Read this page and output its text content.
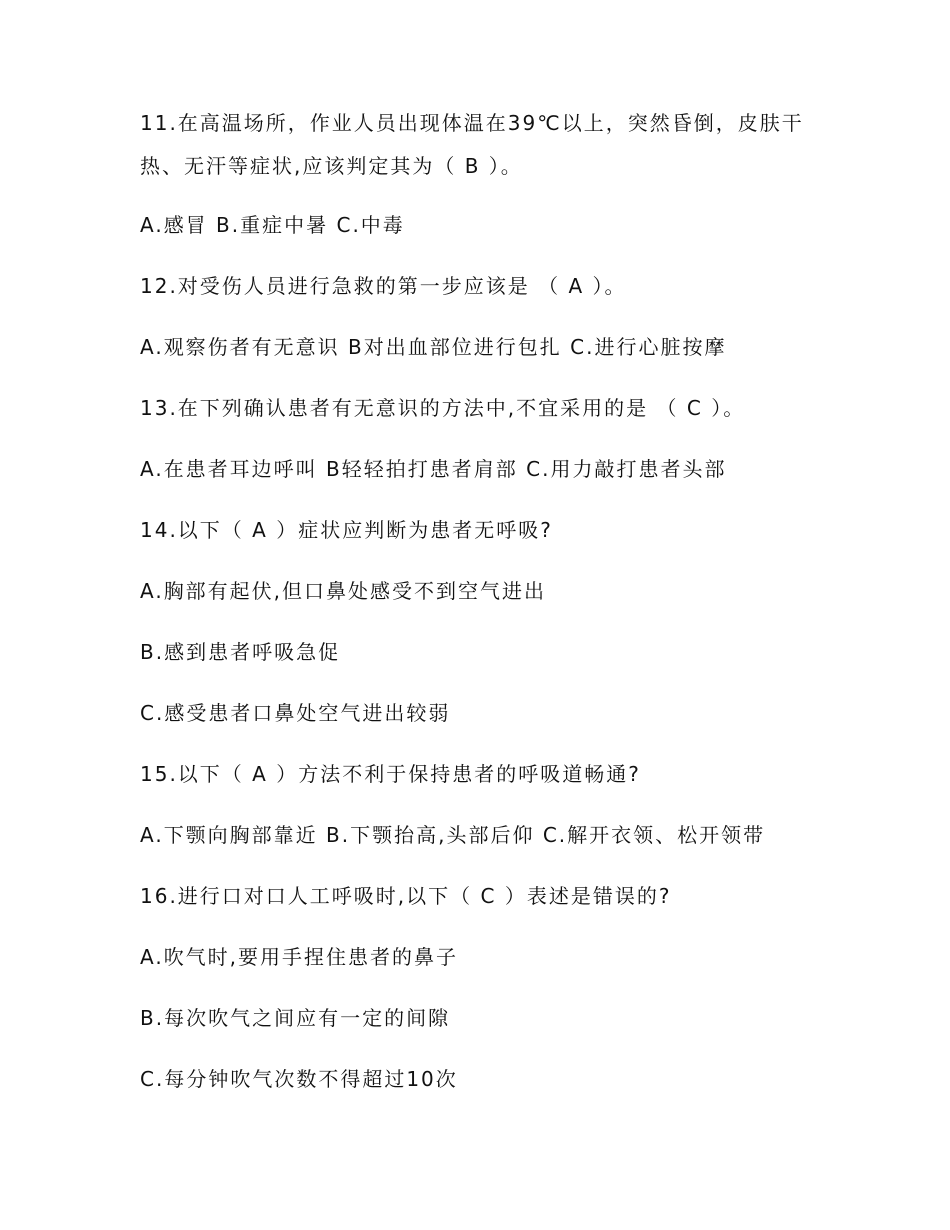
11.在高温场所，作业人员出现体温在39℃以上，突然昏倒，皮肤干
热、无汗等症状,应该判定其为（ B ）。
A.感冒 B.重症中暑 C.中毒
12.对受伤人员进行急救的第一步应该是 （ A ）。
A.观察伤者有无意识 B对出血部位进行包扎 C.进行心脏按摩
13.在下列确认患者有无意识的方法中,不宜采用的是 （ C ）。
A.在患者耳边呼叫 B轻轻拍打患者肩部 C.用力敲打患者头部
14.以下（ A ）症状应判断为患者无呼吸?
A.胸部有起伏,但口鼻处感受不到空气进出
B.感到患者呼吸急促
C.感受患者口鼻处空气进出较弱
15.以下（ A ）方法不利于保持患者的呼吸道畅通?
A.下颚向胸部靠近 B.下颚抬高,头部后仰 C.解开衣领、松开领带
16.进行口对口人工呼吸时,以下（ C ）表述是错误的?
A.吹气时,要用手捏住患者的鼻子
B.每次吹气之间应有一定的间隙
C.每分钟吹气次数不得超过10次
